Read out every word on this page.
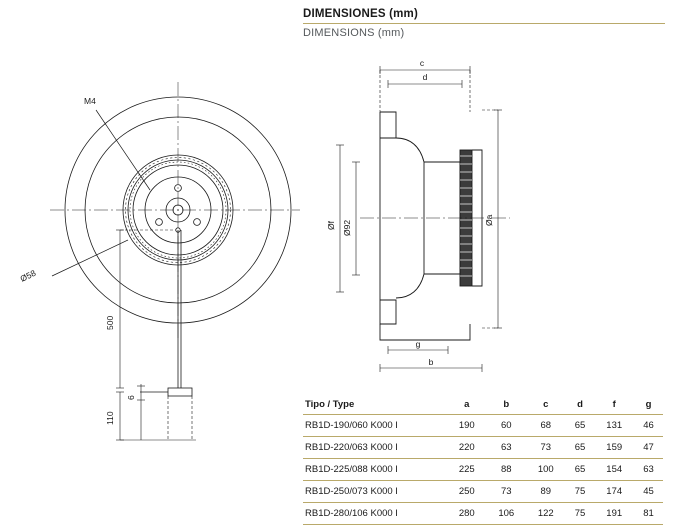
DIMENSIONES (mm)
DIMENSIONS (mm)
M4
Ø58
500
110
6
c
d
Øf Ø92	Øa
g
b
Tipo / Type	a	b	c	d	f	g
RB1D-190/060 K000 I	190	60	68	65	131	46
RB1D-220/063 K000 I	220	63	73	65	159	47
RB1D-225/088 K000 I	225	88	100	65	154	63
RB1D-250/073 K000 I	250	73	89	75	174	45
RB1D-280/106 K000 I	280	106	122	75	191	81
